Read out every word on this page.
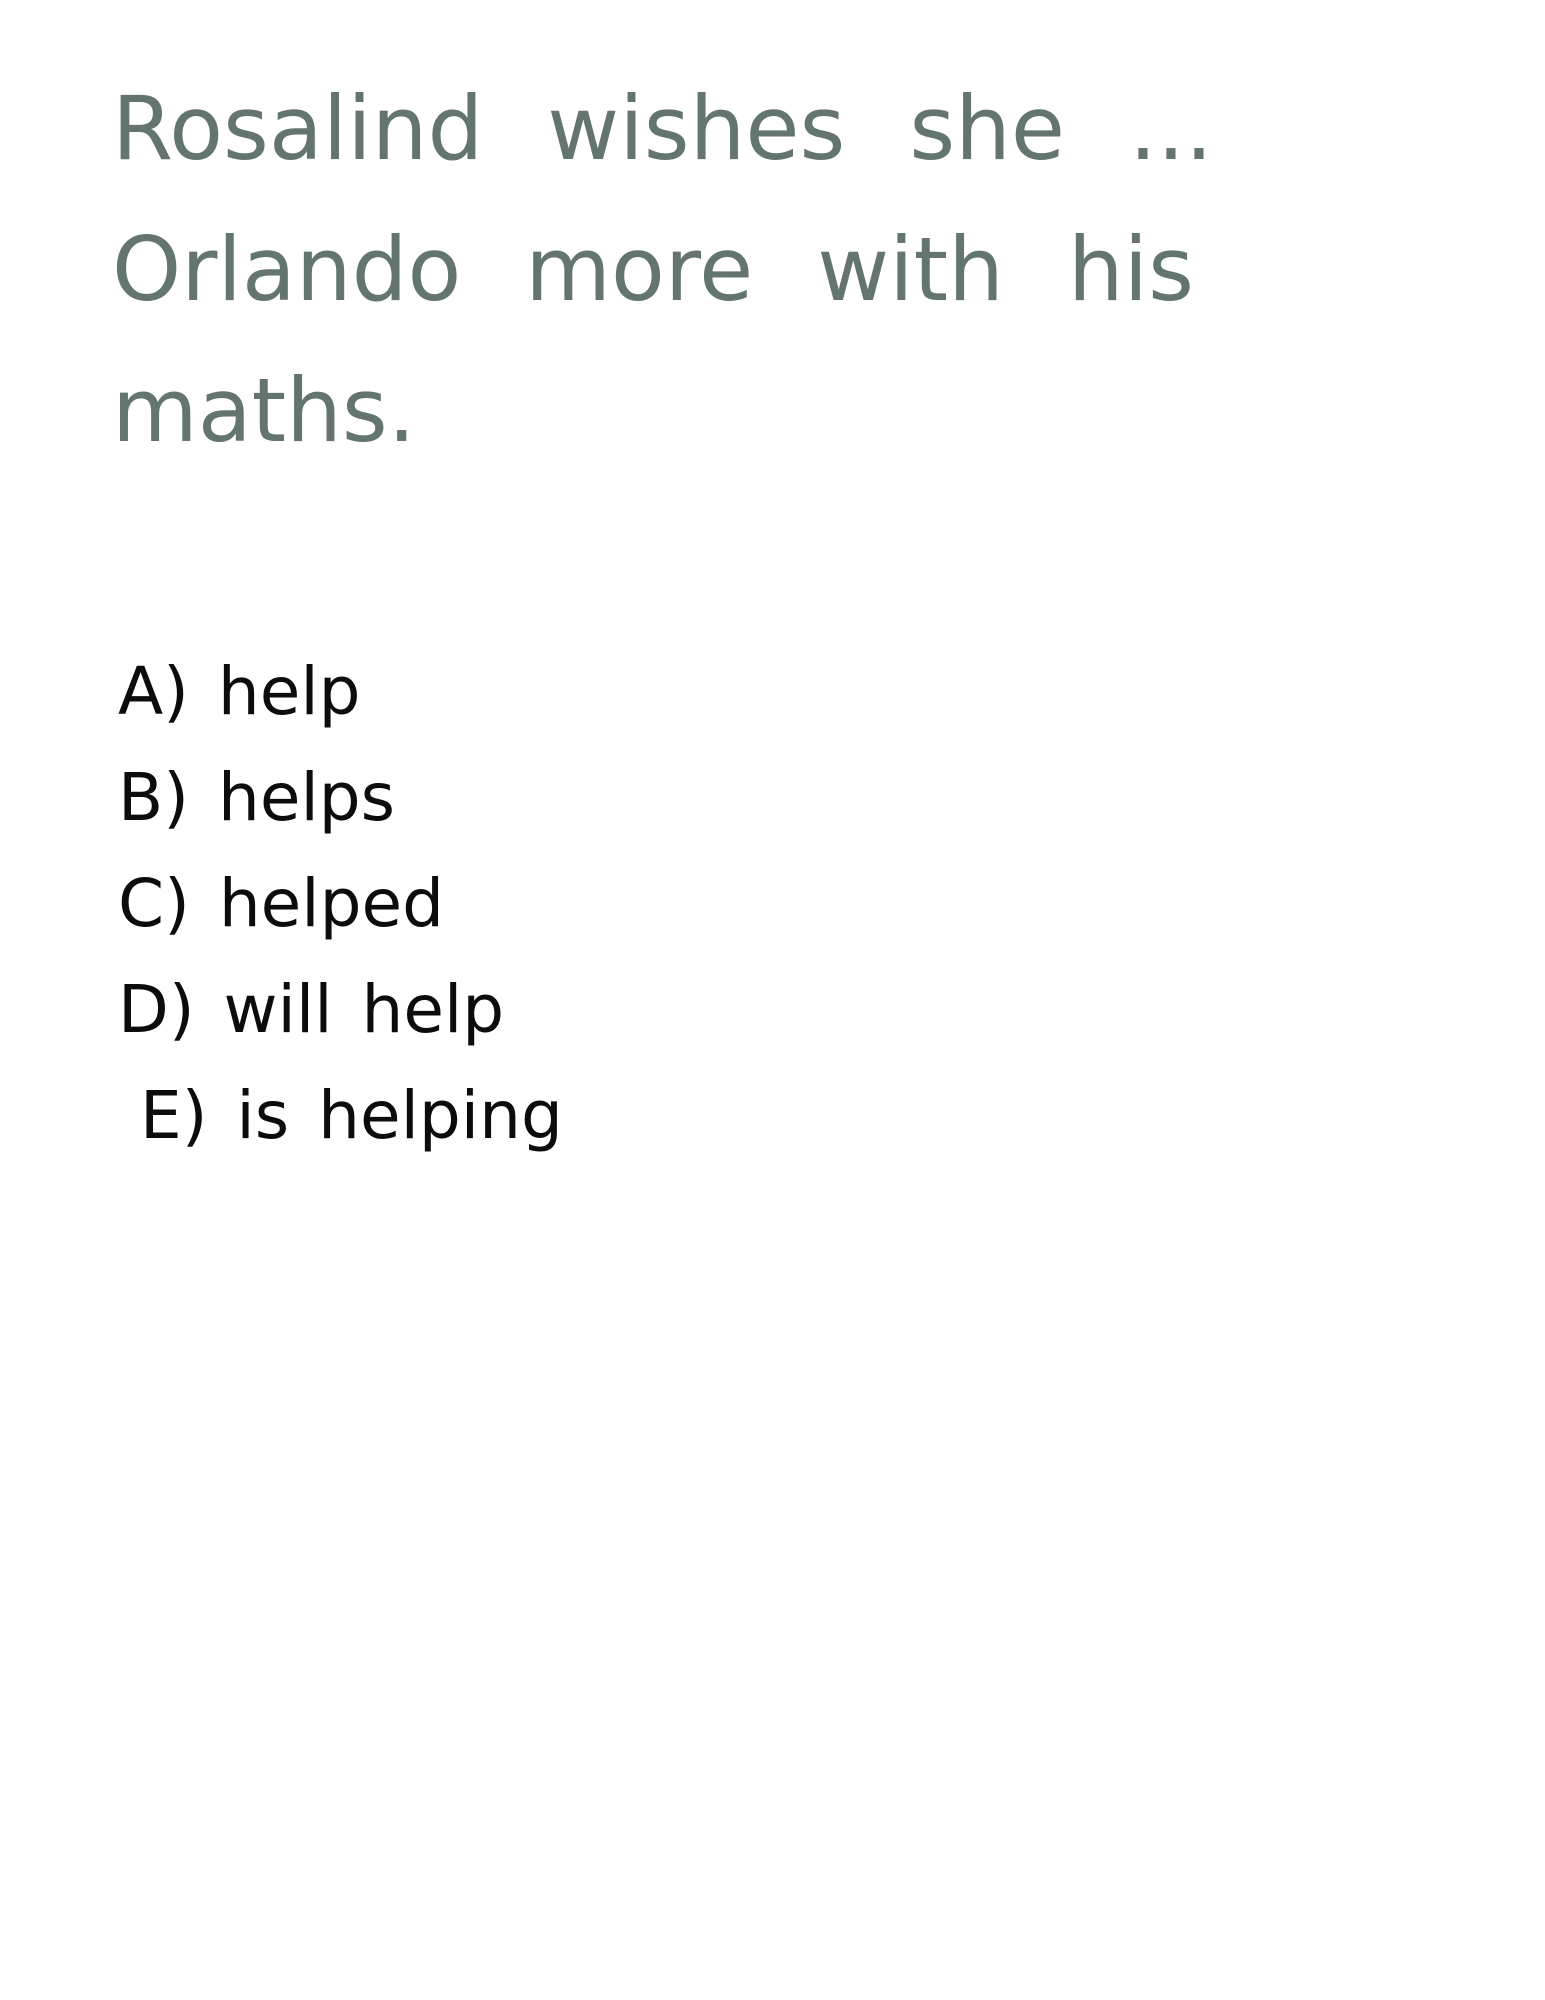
Rosalind wishes she ...
Orlando more with his
maths.
A) help
B) helps
C) helped
D) will help
E) is helping
